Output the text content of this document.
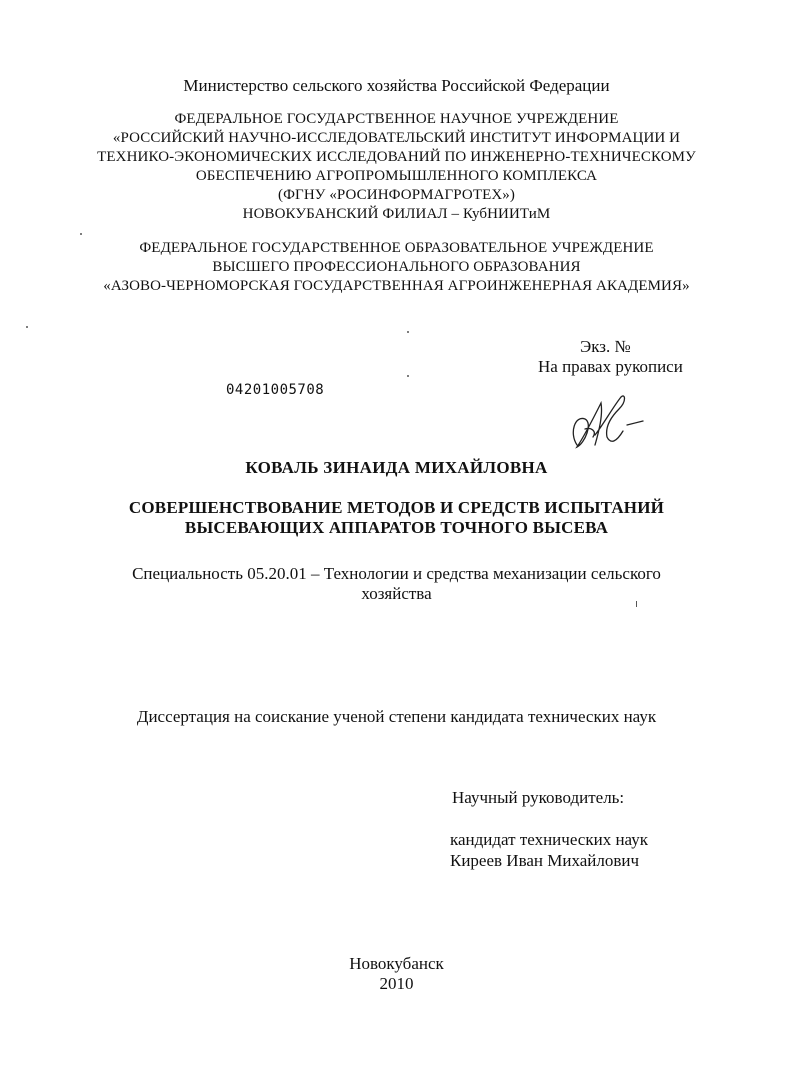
Министерство сельского хозяйства Российской Федерации
ФЕДЕРАЛЬНОЕ ГОСУДАРСТВЕННОЕ НАУЧНОЕ УЧРЕЖДЕНИЕ
«РОССИЙСКИЙ НАУЧНО-ИССЛЕДОВАТЕЛЬСКИЙ ИНСТИТУТ ИНФОРМАЦИИ И
ТЕХНИКО-ЭКОНОМИЧЕСКИХ ИССЛЕДОВАНИЙ ПО ИНЖЕНЕРНО-ТЕХНИЧЕСКОМУ
ОБЕСПЕЧЕНИЮ АГРОПРОМЫШЛЕННОГО КОМПЛЕКСА
(ФГНУ «РОСИНФОРМАГРОТЕХ»)
НОВОКУБАНСКИЙ ФИЛИАЛ – КубНИИТиМ
ФЕДЕРАЛЬНОЕ ГОСУДАРСТВЕННОЕ ОБРАЗОВАТЕЛЬНОЕ УЧРЕЖДЕНИЕ
ВЫСШЕГО ПРОФЕССИОНАЛЬНОГО ОБРАЗОВАНИЯ
«АЗОВО-ЧЕРНОМОРСКАЯ ГОСУДАРСТВЕННАЯ АГРОИНЖЕНЕРНАЯ АКАДЕМИЯ»
Экз. №
На правах рукописи
04201005708
КОВАЛЬ ЗИНАИДА МИХАЙЛОВНА
СОВЕРШЕНСТВОВАНИЕ МЕТОДОВ И СРЕДСТВ ИСПЫТАНИЙ
ВЫСЕВАЮЩИХ АППАРАТОВ ТОЧНОГО ВЫСЕВА
Специальность 05.20.01 – Технологии и средства механизации сельского
хозяйства
Диссертация на соискание ученой степени кандидата технических наук
Научный руководитель:
кандидат технических наук
Киреев Иван Михайлович
Новокубанск
2010
